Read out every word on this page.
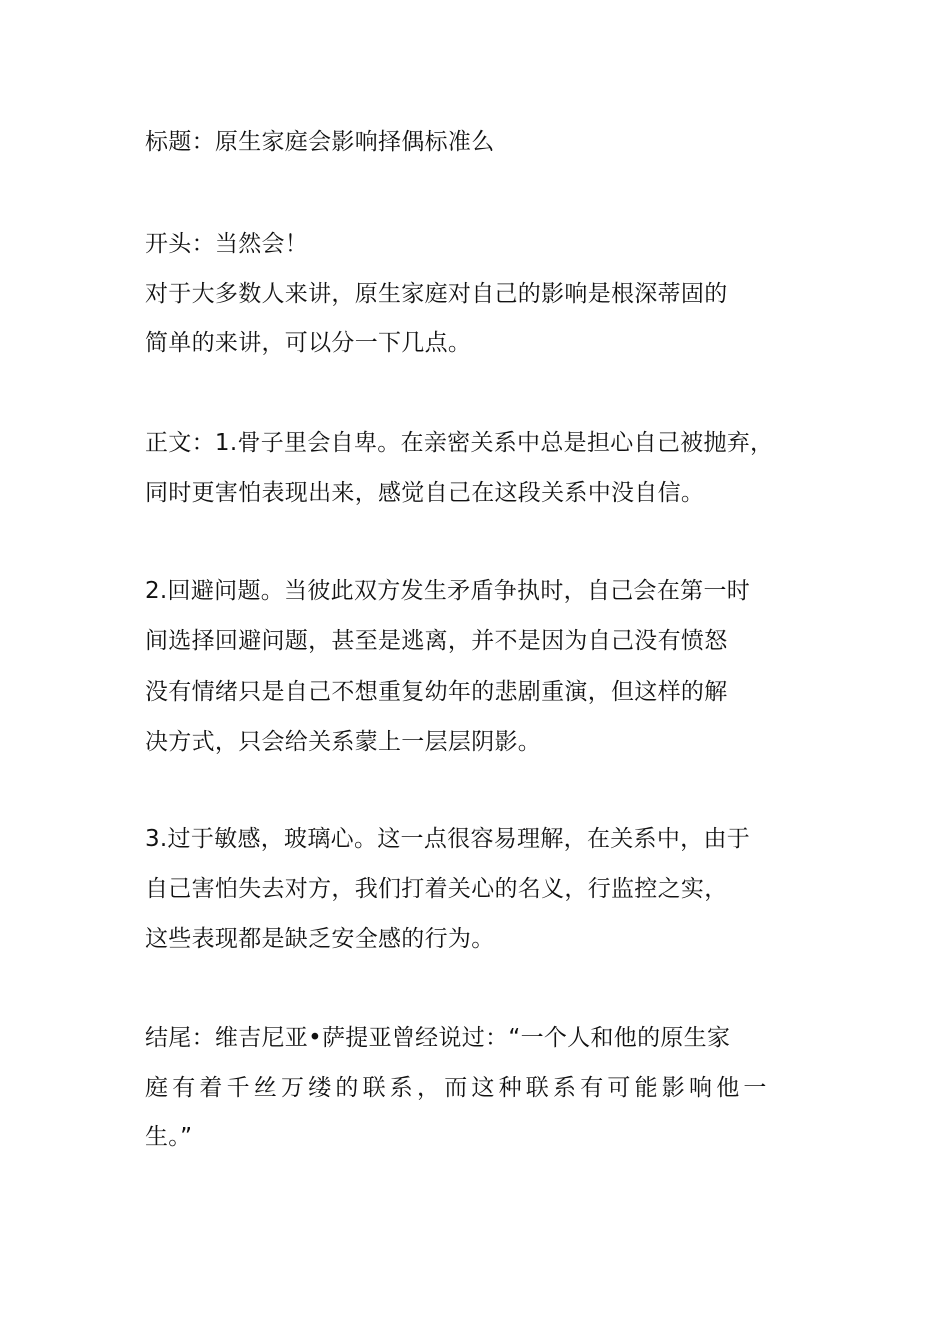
标题：原生家庭会影响择偶标准么
开头：当然会！
对于大多数人来讲，原生家庭对自己的影响是根深蒂固的
简单的来讲，可以分一下几点。
正文：1.骨子里会自卑。在亲密关系中总是担心自己被抛弃，
同时更害怕表现出来，感觉自己在这段关系中没自信。
2.回避问题。当彼此双方发生矛盾争执时，自己会在第一时
间选择回避问题，甚至是逃离，并不是因为自己没有愤怒
没有情绪只是自己不想重复幼年的悲剧重演，但这样的解
决方式，只会给关系蒙上一层层阴影。
3.过于敏感，玻璃心。这一点很容易理解，在关系中，由于
自己害怕失去对方，我们打着关心的名义，行监控之实，
这些表现都是缺乏安全感的行为。
结尾：维吉尼亚•萨提亚曾经说过：“一个人和他的原生家
庭有着千丝万缕的联系，而这种联系有可能影响他一
生。”
